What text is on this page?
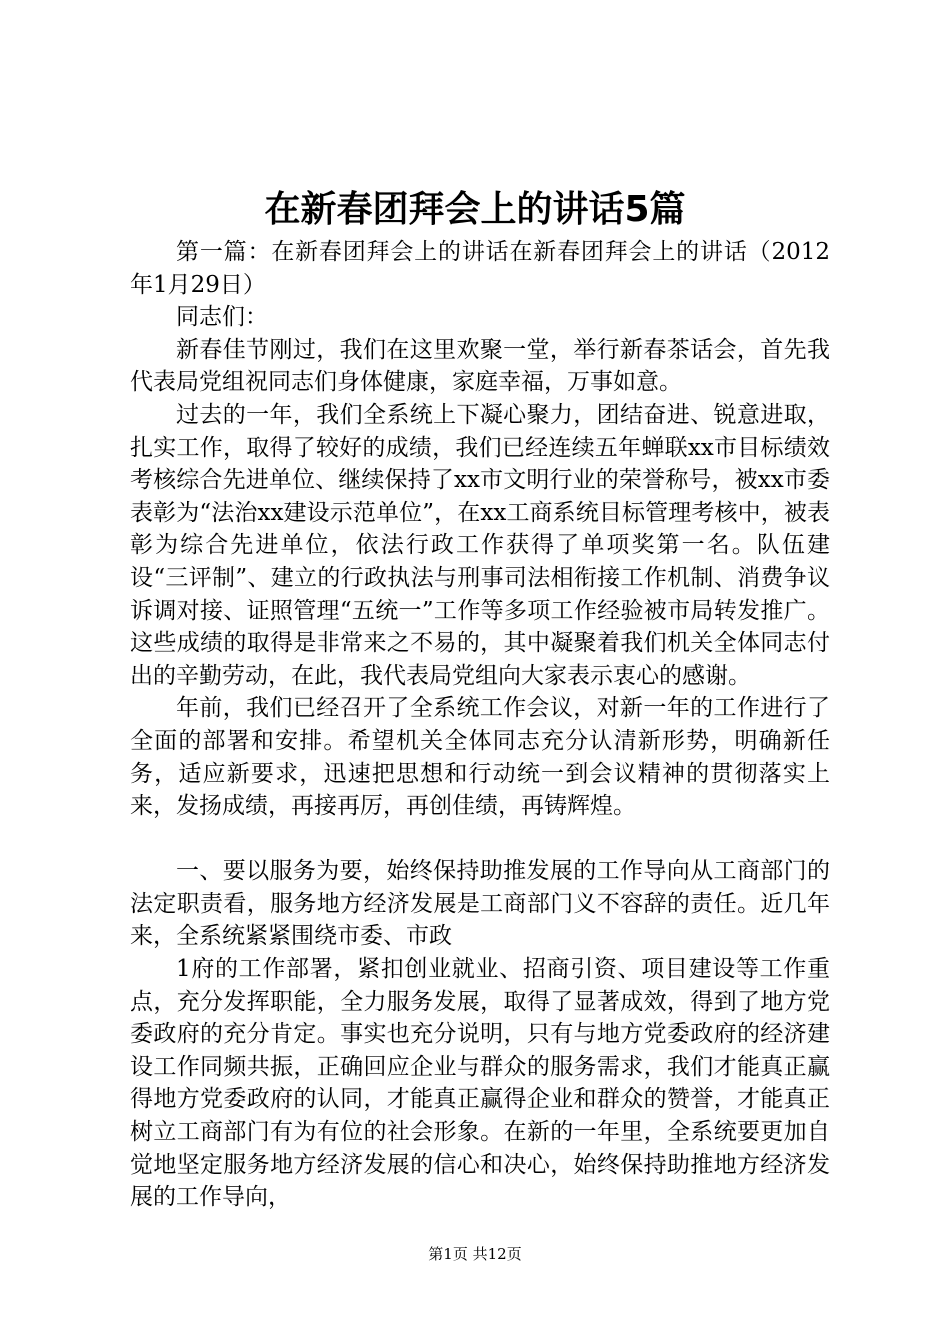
在新春团拜会上的讲话5篇

第一篇：在新春团拜会上的讲话在新春团拜会上的讲话（2012年1月29日）

同志们：

新春佳节刚过，我们在这里欢聚一堂，举行新春茶话会，首先我代表局党组祝同志们身体健康，家庭幸福，万事如意。

过去的一年，我们全系统上下凝心聚力，团结奋进、锐意进取，扎实工作，取得了较好的成绩，我们已经连续五年蝉联xx市目标绩效考核综合先进单位、继续保持了xx市文明行业的荣誉称号，被xx市委表彰为“法治xx建设示范单位”，在xx工商系统目标管理考核中，被表彰为综合先进单位，依法行政工作获得了单项奖第一名。队伍建设“三评制”、建立的行政执法与刑事司法相衔接工作机制、消费争议诉调对接、证照管理“五统一”工作等多项工作经验被市局转发推广。这些成绩的取得是非常来之不易的，其中凝聚着我们机关全体同志付出的辛勤劳动，在此，我代表局党组向大家表示衷心的感谢。

年前，我们已经召开了全系统工作会议，对新一年的工作进行了全面的部署和安排。希望机关全体同志充分认清新形势，明确新任务，适应新要求，迅速把思想和行动统一到会议精神的贯彻落实上来，发扬成绩，再接再厉，再创佳绩，再铸辉煌。

一、要以服务为要，始终保持助推发展的工作导向从工商部门的法定职责看，服务地方经济发展是工商部门义不容辞的责任。近几年来，全系统紧紧围绕市委、市政

1府的工作部署，紧扣创业就业、招商引资、项目建设等工作重点，充分发挥职能，全力服务发展，取得了显著成效，得到了地方党委政府的充分肯定。事实也充分说明，只有与地方党委政府的经济建设工作同频共振，正确回应企业与群众的服务需求，我们才能真正赢得地方党委政府的认同，才能真正赢得企业和群众的赞誉，才能真正树立工商部门有为有位的社会形象。在新的一年里，全系统要更加自觉地坚定服务地方经济发展的信心和决心，始终保持助推地方经济发展的工作导向，

第1页 共12页
